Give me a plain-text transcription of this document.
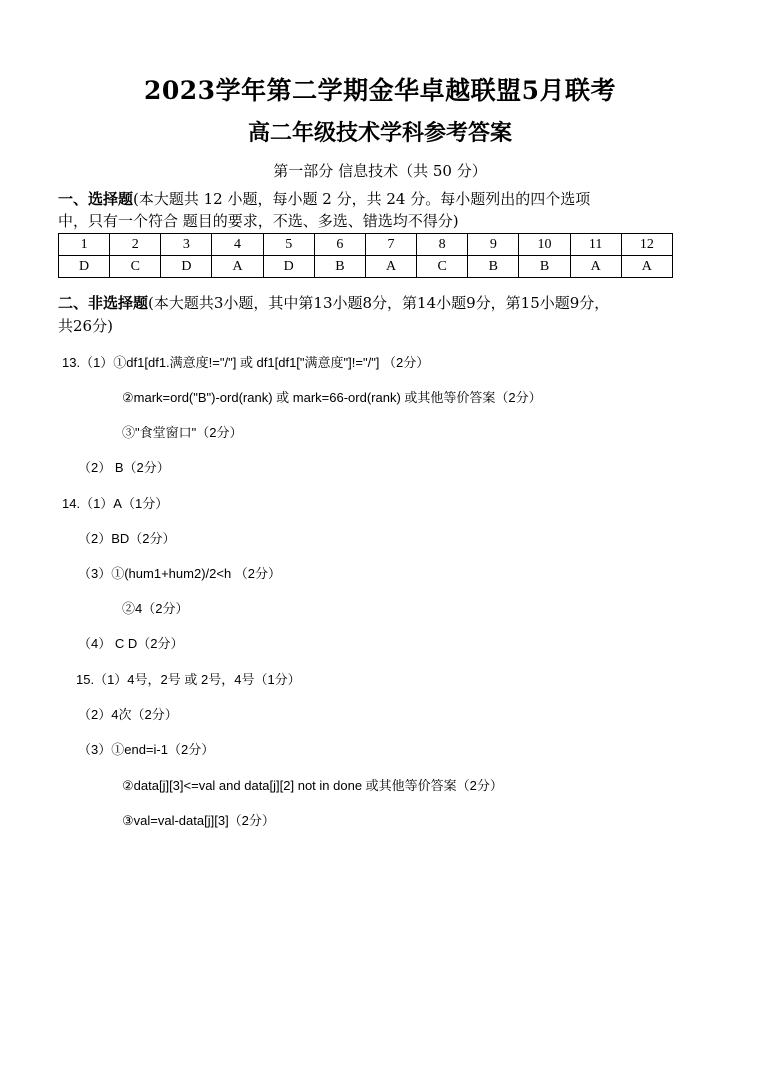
2023学年第二学期金华卓越联盟5月联考
高二年级技术学科参考答案
第一部分 信息技术（共 50 分）
一、选择题(本大题共 12 小题，每小题 2 分，共 24 分。每小题列出的四个选项
中，只有一个符合 题目的要求，不选、多选、错选均不得分)
1	2	3	4	5	6	7	8	9	10	11	12
D	C	D	A	D	B	A	C	B	B	A	A
二、非选择题(本大题共3小题，其中第13小题8分，第14小题9分，第15小题9分，
共26分)
13.（1）①df1[df1.满意度!="/"] 或 df1[df1["满意度"]!="/"] （2分）
②mark=ord("B")-ord(rank) 或 mark=66-ord(rank) 或其他等价答案（2分）
③"食堂窗口"（2分）
（2） B（2分）
14.（1）A（1分）
（2）BD（2分）
（3）①(hum1+hum2)/2<h （2分）
②4（2分）
（4） C D（2分）
15.（1）4号，2号 或 2号，4号（1分）
（2）4次（2分）
（3）①end=i-1（2分）
②data[j][3]<=val and data[j][2] not in done 或其他等价答案（2分）
③val=val-data[j][3]（2分）
